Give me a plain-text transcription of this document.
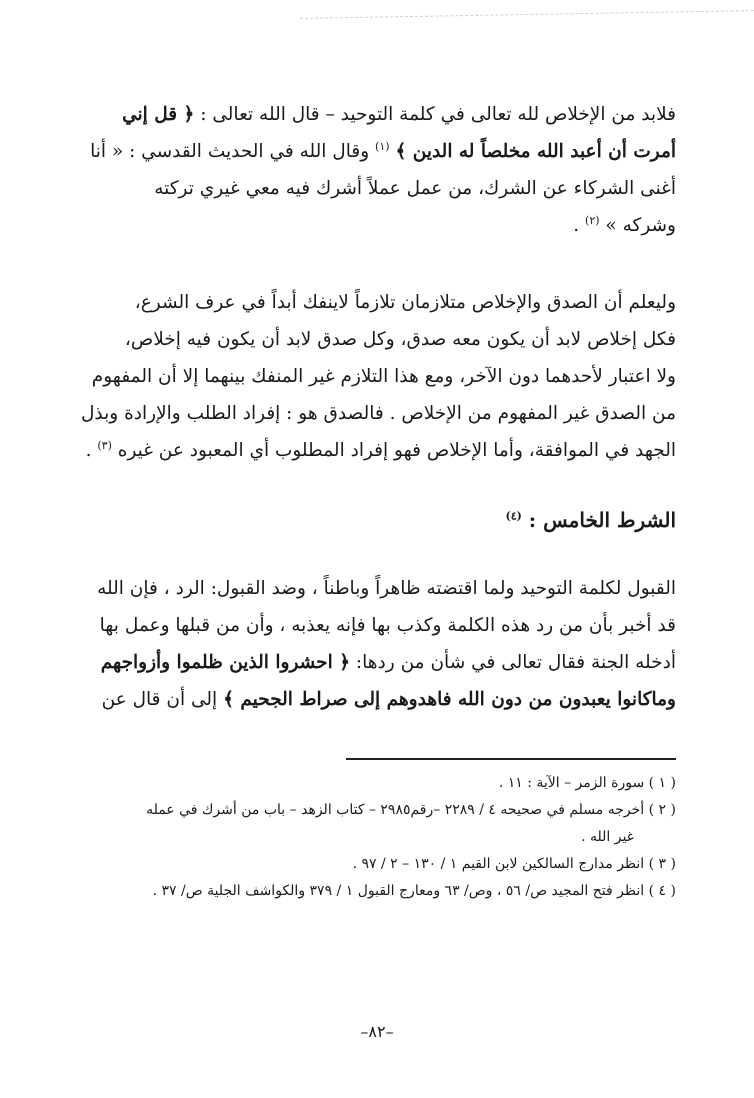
فلابد من الإخلاص لله تعالى في كلمة التوحيد – قال الله تعالى : ﴿ قل إني
أمرت أن أعبد الله مخلصاً له الدين ﴾ $^{(١)}$ وقال الله في الحديث القدسي : « أنا
أغنى الشركاء عن الشرك، من عمل عملاً أشرك فيه معي غيري تركته
وشركه » $^{(٢)}$ .

وليعلم أن الصدق والإخلاص متلازمان تلازماً لاينفك أبداً في عرف الشرع،
فكل إخلاص لابد أن يكون معه صدق، وكل صدق لابد أن يكون فيه إخلاص،
ولا اعتبار لأحدهما دون الآخر، ومع هذا التلازم غير المنفك بينهما إلا أن المفهوم
من الصدق غير المفهوم من الإخلاص . فالصدق هو : إفراد الطلب والإرادة وبذل
الجهد في الموافقة، وأما الإخلاص فهو إفراد المطلوب أي المعبود عن غيره $^{(٣)}$ .

الشرط الخامس : $^{(٤)}$

القبول لكلمة التوحيد ولما اقتضته ظاهراً وباطناً ، وضد القبول: الرد ، فإن الله
قد أخبر بأن من رد هذه الكلمة وكذب بها فإنه يعذبه ، وأن من قبلها وعمل بها
أدخله الجنة فقال تعالى في شأن من ردها: ﴿ احشروا الذين ظلموا وأزواجهم
وماكانوا يعبدون من دون الله فاهدوهم إلى صراط الجحيم ﴾ إلى أن قال عن

( ١ ) سورة الزمر – الآية : ١١ .
( ٢ ) أخرجه مسلم في صحيحه ٤ / ٢٢٨٩ –رقم٢٩٨٥ – كتاب الزهد – باب من أشرك في عمله
غير الله .
( ٣ ) انظر مدارج السالكين لابن القيم ١ / ١٣٠ – ٢ / ٩٧ .
( ٤ ) انظر فتح المجيد ص/ ٥٦ ، وص/ ٦٣ ومعارج القبول ١ / ٣٧٩ والكواشف الجلية ص/ ٣٧ .
–٨٢–
